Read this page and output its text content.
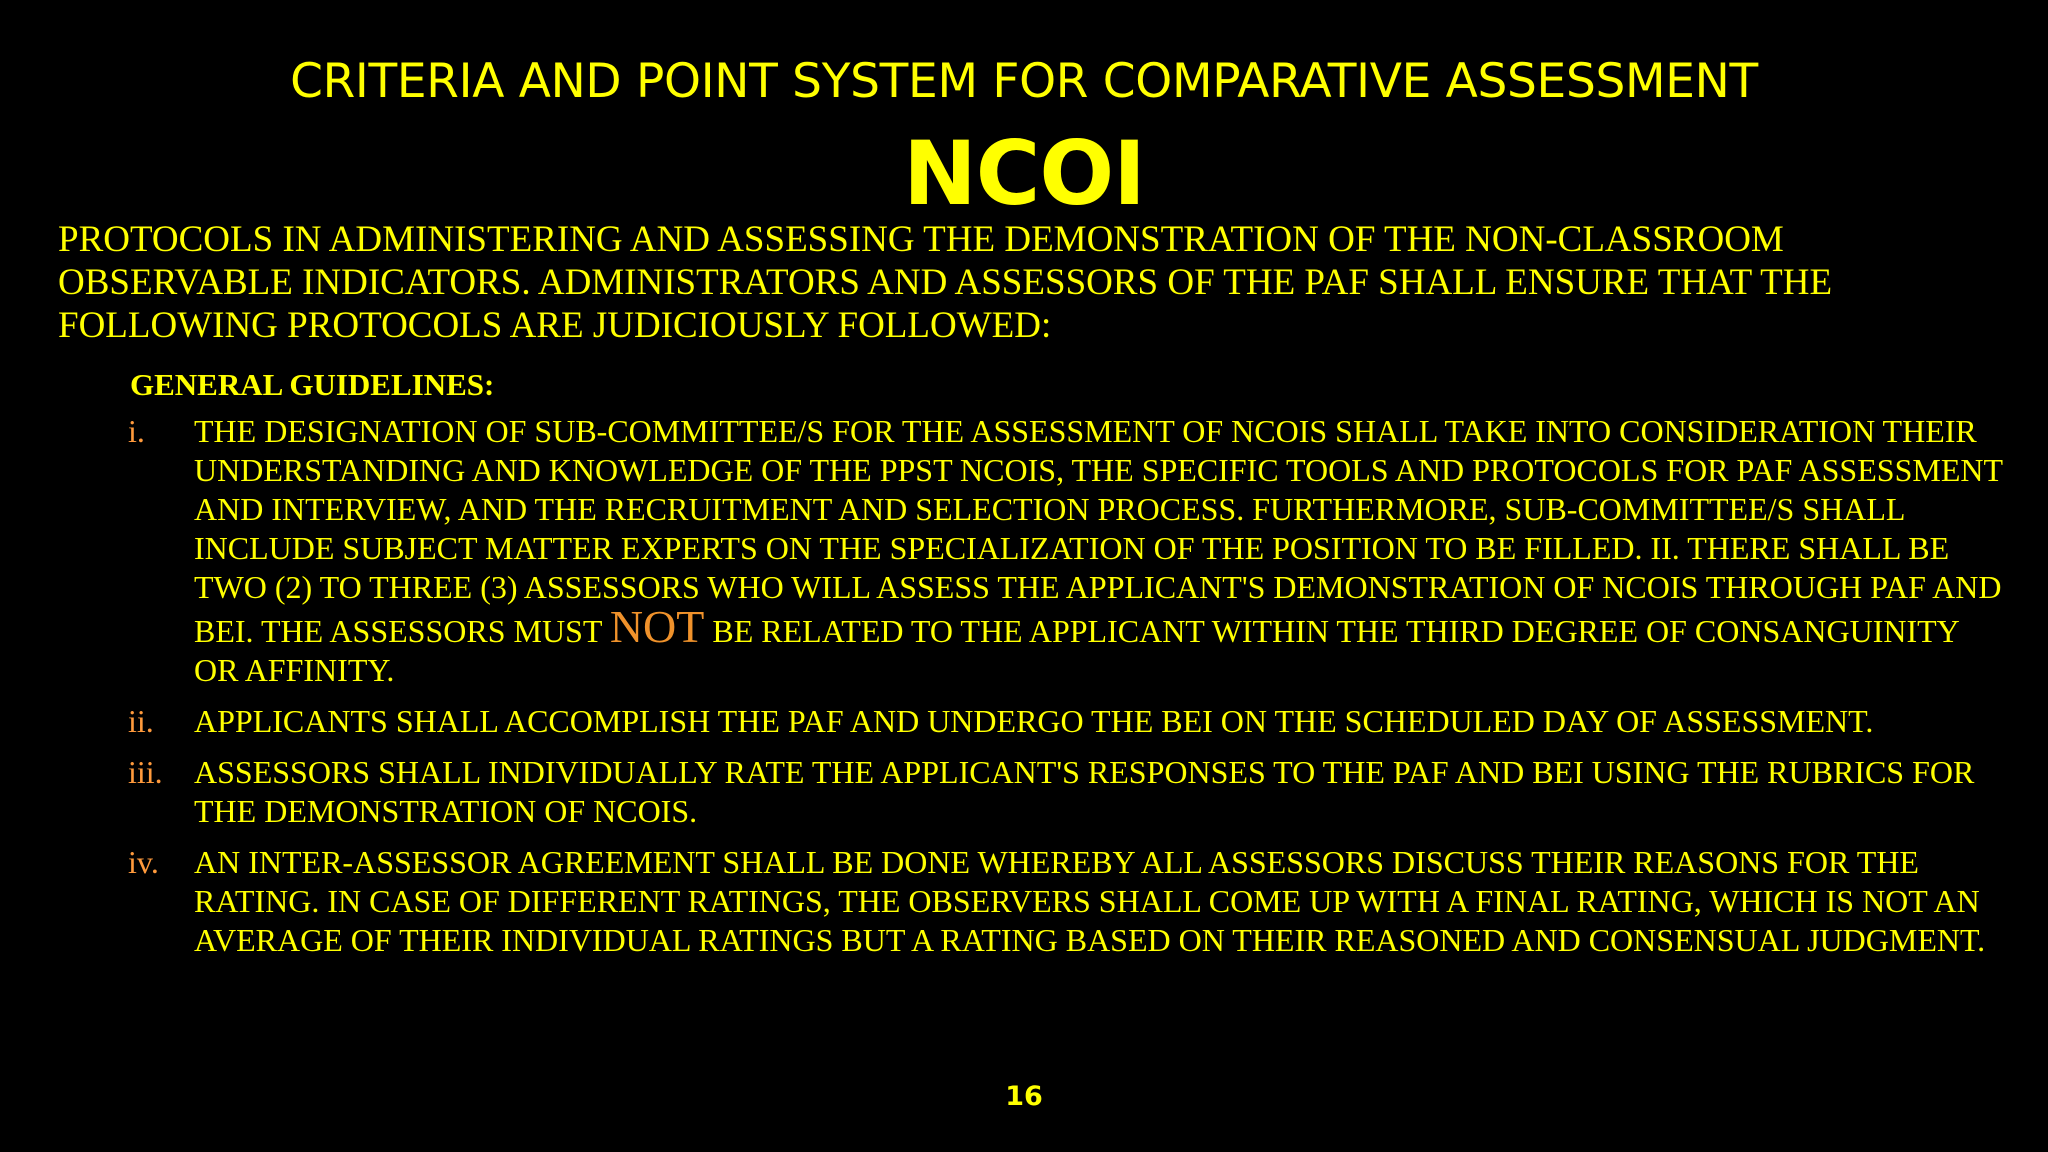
CRITERIA AND POINT SYSTEM FOR COMPARATIVE ASSESSMENT
NCOI
PROTOCOLS IN ADMINISTERING AND ASSESSING THE DEMONSTRATION OF THE NON-CLASSROOM OBSERVABLE INDICATORS. ADMINISTRATORS AND ASSESSORS OF THE PAF SHALL ENSURE THAT THE FOLLOWING PROTOCOLS ARE JUDICIOUSLY FOLLOWED:
GENERAL GUIDELINES:
i. THE DESIGNATION OF SUB-COMMITTEE/S FOR THE ASSESSMENT OF NCOIS SHALL TAKE INTO CONSIDERATION THEIR UNDERSTANDING AND KNOWLEDGE OF THE PPST NCOIS, THE SPECIFIC TOOLS AND PROTOCOLS FOR PAF ASSESSMENT AND INTERVIEW, AND THE RECRUITMENT AND SELECTION PROCESS. FURTHERMORE, SUB-COMMITTEE/S SHALL INCLUDE SUBJECT MATTER EXPERTS ON THE SPECIALIZATION OF THE POSITION TO BE FILLED. II. THERE SHALL BE TWO (2) TO THREE (3) ASSESSORS WHO WILL ASSESS THE APPLICANT'S DEMONSTRATION OF NCOIS THROUGH PAF AND BEI. THE ASSESSORS MUST NOT BE RELATED TO THE APPLICANT WITHIN THE THIRD DEGREE OF CONSANGUINITY OR AFFINITY.
ii. APPLICANTS SHALL ACCOMPLISH THE PAF AND UNDERGO THE BEI ON THE SCHEDULED DAY OF ASSESSMENT.
iii. ASSESSORS SHALL INDIVIDUALLY RATE THE APPLICANT'S RESPONSES TO THE PAF AND BEI USING THE RUBRICS FOR THE DEMONSTRATION OF NCOIS.
iv. AN INTER-ASSESSOR AGREEMENT SHALL BE DONE WHEREBY ALL ASSESSORS DISCUSS THEIR REASONS FOR THE RATING. IN CASE OF DIFFERENT RATINGS, THE OBSERVERS SHALL COME UP WITH A FINAL RATING, WHICH IS NOT AN AVERAGE OF THEIR INDIVIDUAL RATINGS BUT A RATING BASED ON THEIR REASONED AND CONSENSUAL JUDGMENT.
16
